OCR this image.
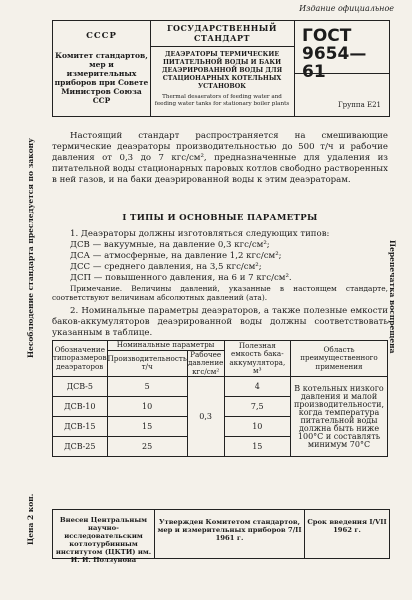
Издание официальное
СССР
Комитет стандартов, мер и измерительных приборов при Совете Министров Союза ССР
ГОСУДАРСТВЕННЫЙ СТАНДАРТ
ДЕАЭРАТОРЫ ТЕРМИЧЕСКИЕ ПИТАТЕЛЬНОЙ ВОДЫ И БАКИ ДЕАЭРИРОВАННОЙ ВОДЫ ДЛЯ СТАЦИОНАРНЫХ КОТЕЛЬНЫХ УСТАНОВОК
Thermal desaerators of feeding water and feeding water tanks for stationary boiler plants
ГОСТ
9654—61
Группа Е21
Несоблюдение стандарта преследуется по закону
Цена 2 коп.
Перепечатка воспрещена
Настоящий стандарт распространяется на смешивающие термические деаэраторы производительностью до 500 т/ч и рабочие давления от 0,3 до 7 кгс/см², предназначенные для удаления из питательной воды стационарных паровых котлов свободно растворенных в ней газов, и на баки деаэрированной воды к этим деаэраторам.
I ТИПЫ И ОСНОВНЫЕ ПАРАМЕТРЫ
1. Деаэраторы должны изготовляться следующих типов:
ДСВ — вакуумные, на давление 0,3 кгс/см²;
ДСА — атмосферные, на давление 1,2 кгс/см²;
ДСС — среднего давления, на 3,5 кгс/см²;
ДСП — повышенного давления, на 6 и 7 кгс/см².
Примечание. Величины давлений, указанные в настоящем стандарте, соответствуют величинам абсолютных давлений (ата).
2. Номинальные параметры деаэраторов, а также полезные емкости баков-аккумуляторов деаэрированной воды должны соответствовать указанным в таблице.
Обозначение типоразмеров деаэраторов	Номинальные параметры		Полезная емкость бака-аккумулятора, м³	Область преимущественного применения
	Производительность т/ч	Рабочее давление кгс/см²		
ДСВ-5	5	0,3	4	В котельных низкого давления и малой производительности, когда температура питательной воды должна быть ниже 100°С и составлять минимум 70°С
ДСВ-10	10		7,5	
ДСВ-15	15		10	
ДСВ-25	25		15	
Внесен Центральным научно-исследовательским котлотурбинным институтом (ЦКТИ) им. И. И. Ползунова
Утвержден Комитетом стандартов, мер и измерительных приборов 7/II 1961 г.
Срок введения I/VII 1962 г.
